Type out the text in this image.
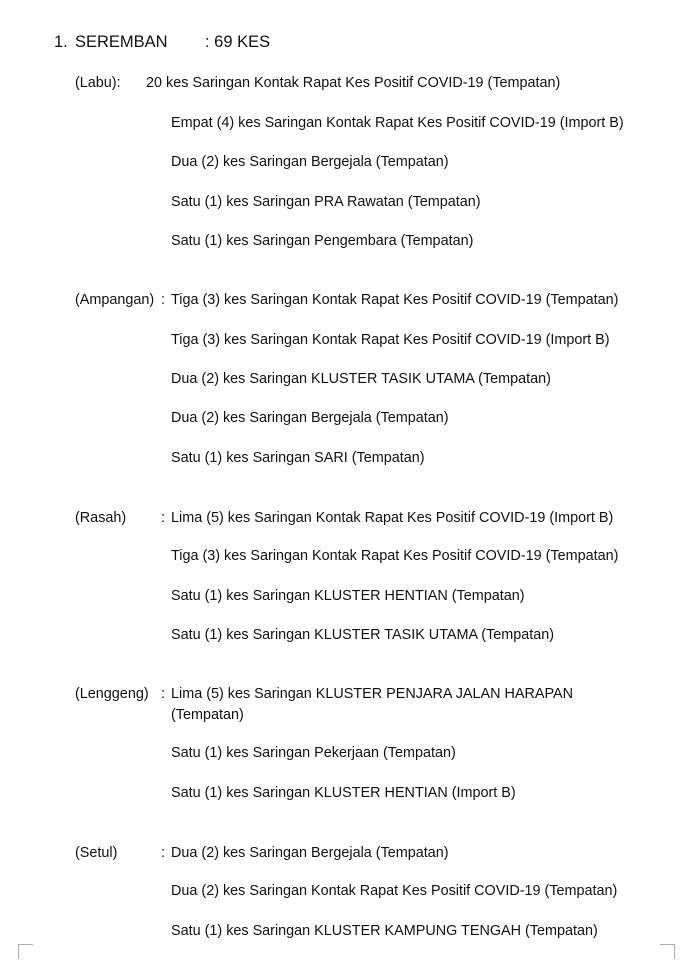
1.

SEREMBAN

: 69 KES

(Labu): 20 kes Saringan Kontak Rapat Kes Positif COVID-19 (Tempatan)
Empat (4) kes Saringan Kontak Rapat Kes Positif COVID-19 (Import B)
Dua (2) kes Saringan Bergejala (Tempatan)
Satu (1) kes Saringan PRA Rawatan (Tempatan)
Satu (1) kes Saringan Pengembara (Tempatan)
(Ampangan) : Tiga (3) kes Saringan Kontak Rapat Kes Positif COVID-19 (Tempatan)
Tiga (3) kes Saringan Kontak Rapat Kes Positif COVID-19 (Import B)
Dua (2) kes Saringan KLUSTER TASIK UTAMA (Tempatan)
Dua (2) kes Saringan Bergejala (Tempatan)
Satu (1) kes Saringan SARI (Tempatan)
(Rasah) : Lima (5) kes Saringan Kontak Rapat Kes Positif COVID-19 (Import B)
Tiga (3) kes Saringan Kontak Rapat Kes Positif COVID-19 (Tempatan)
Satu (1) kes Saringan KLUSTER HENTIAN (Tempatan)
Satu (1) kes Saringan KLUSTER TASIK UTAMA (Tempatan)
(Lenggeng) : Lima (5) kes Saringan KLUSTER PENJARA JALAN HARAPAN (Tempatan)
Satu (1) kes Saringan Pekerjaan (Tempatan)
Satu (1) kes Saringan KLUSTER HENTIAN (Import B)
(Setul)	: Dua (2) kes Saringan Bergejala (Tempatan)
Dua (2) kes Saringan Kontak Rapat Kes Positif COVID-19 (Tempatan)
Satu (1) kes Saringan KLUSTER KAMPUNG TENGAH (Tempatan)
